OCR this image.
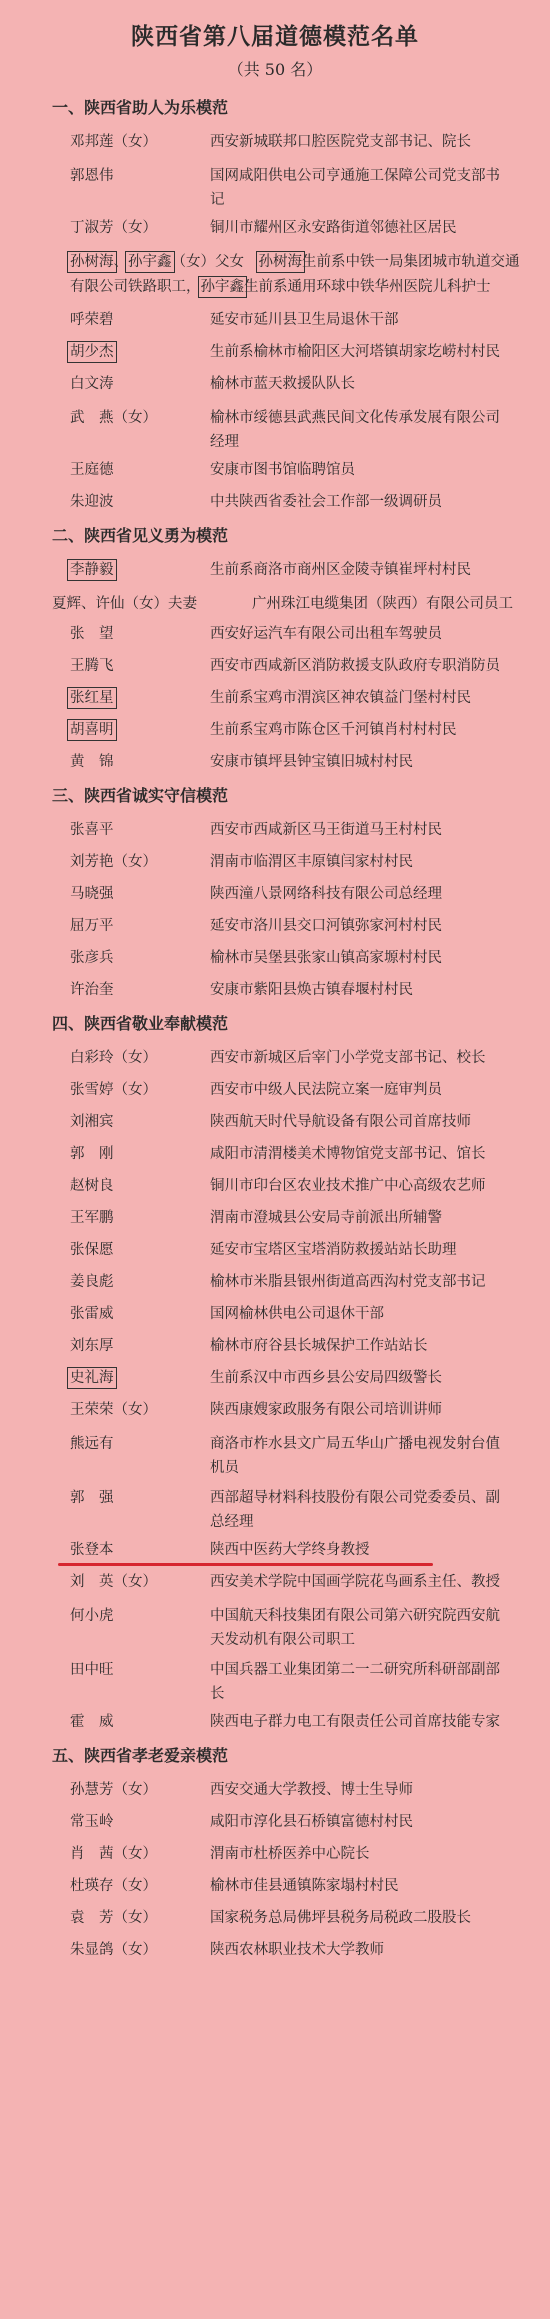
陕西省第八届道德模范名单
（共 50 名）
一、陕西省助人为乐模范
邓邦莲（女）	西安新城联邦口腔医院党支部书记、院长
郭恩伟	国网咸阳供电公司亨通施工保障公司党支部书记
丁淑芳（女）	铜川市耀州区永安路街道邻德社区居民
孙树海、孙宇鑫（女）父女　孙树海生前系中铁一局集团城市轨道交通有限公司铁路职工，孙宇鑫生前系通用环球中铁华州医院儿科护士
呼荣碧	延安市延川县卫生局退休干部
胡少杰	生前系榆林市榆阳区大河塔镇胡家圪崂村村民
白文涛	榆林市蓝天救援队队长
武　燕（女）	榆林市绥德县武燕民间文化传承发展有限公司经理
王庭德	安康市图书馆临聘馆员
朱迎波	中共陕西省委社会工作部一级调研员
二、陕西省见义勇为模范
李静毅	生前系商洛市商州区金陵寺镇崔坪村村民
夏辉、许仙（女）夫妻	广州珠江电缆集团（陕西）有限公司员工
张　望	西安好运汽车有限公司出租车驾驶员
王腾飞	西安市西咸新区消防救援支队政府专职消防员
张红星	生前系宝鸡市渭滨区神农镇益门堡村村民
胡喜明	生前系宝鸡市陈仓区千河镇肖村村村民
黄　锦	安康市镇坪县钟宝镇旧城村村民
三、陕西省诚实守信模范
张喜平	西安市西咸新区马王街道马王村村民
刘芳艳（女）	渭南市临渭区丰原镇闫家村村民
马晓强	陕西潼八景网络科技有限公司总经理
屈万平	延安市洛川县交口河镇弥家河村村民
张彦兵	榆林市吴堡县张家山镇高家塬村村民
许治奎	安康市紫阳县焕古镇春堰村村民
四、陕西省敬业奉献模范
白彩玲（女）	西安市新城区后宰门小学党支部书记、校长
张雪婷（女）	西安市中级人民法院立案一庭审判员
刘湘宾	陕西航天时代导航设备有限公司首席技师
郭　刚	咸阳市清渭楼美术博物馆党支部书记、馆长
赵树良	铜川市印台区农业技术推广中心高级农艺师
王军鹏	渭南市澄城县公安局寺前派出所辅警
张保愿	延安市宝塔区宝塔消防救援站站长助理
姜良彪	榆林市米脂县银州街道高西沟村党支部书记
张雷威	国网榆林供电公司退休干部
刘东厚	榆林市府谷县长城保护工作站站长
史礼海	生前系汉中市西乡县公安局四级警长
王荣荣（女）	陕西康嫂家政服务有限公司培训讲师
熊远有	商洛市柞水县文广局五华山广播电视发射台值机员
郭　强	西部超导材料科技股份有限公司党委委员、副总经理
张登本	陕西中医药大学终身教授
刘　英（女）	西安美术学院中国画学院花鸟画系主任、教授
何小虎	中国航天科技集团有限公司第六研究院西安航天发动机有限公司职工
田中旺	中国兵器工业集团第二一二研究所科研部副部长
霍　威	陕西电子群力电工有限责任公司首席技能专家
五、陕西省孝老爱亲模范
孙慧芳（女）	西安交通大学教授、博士生导师
常玉岭	咸阳市淳化县石桥镇富德村村民
肖　茜（女）	渭南市杜桥医养中心院长
杜瑛存（女）	榆林市佳县通镇陈家塌村村民
袁　芳（女）	国家税务总局佛坪县税务局税政二股股长
朱显鸽（女）	陕西农林职业技术大学教师
